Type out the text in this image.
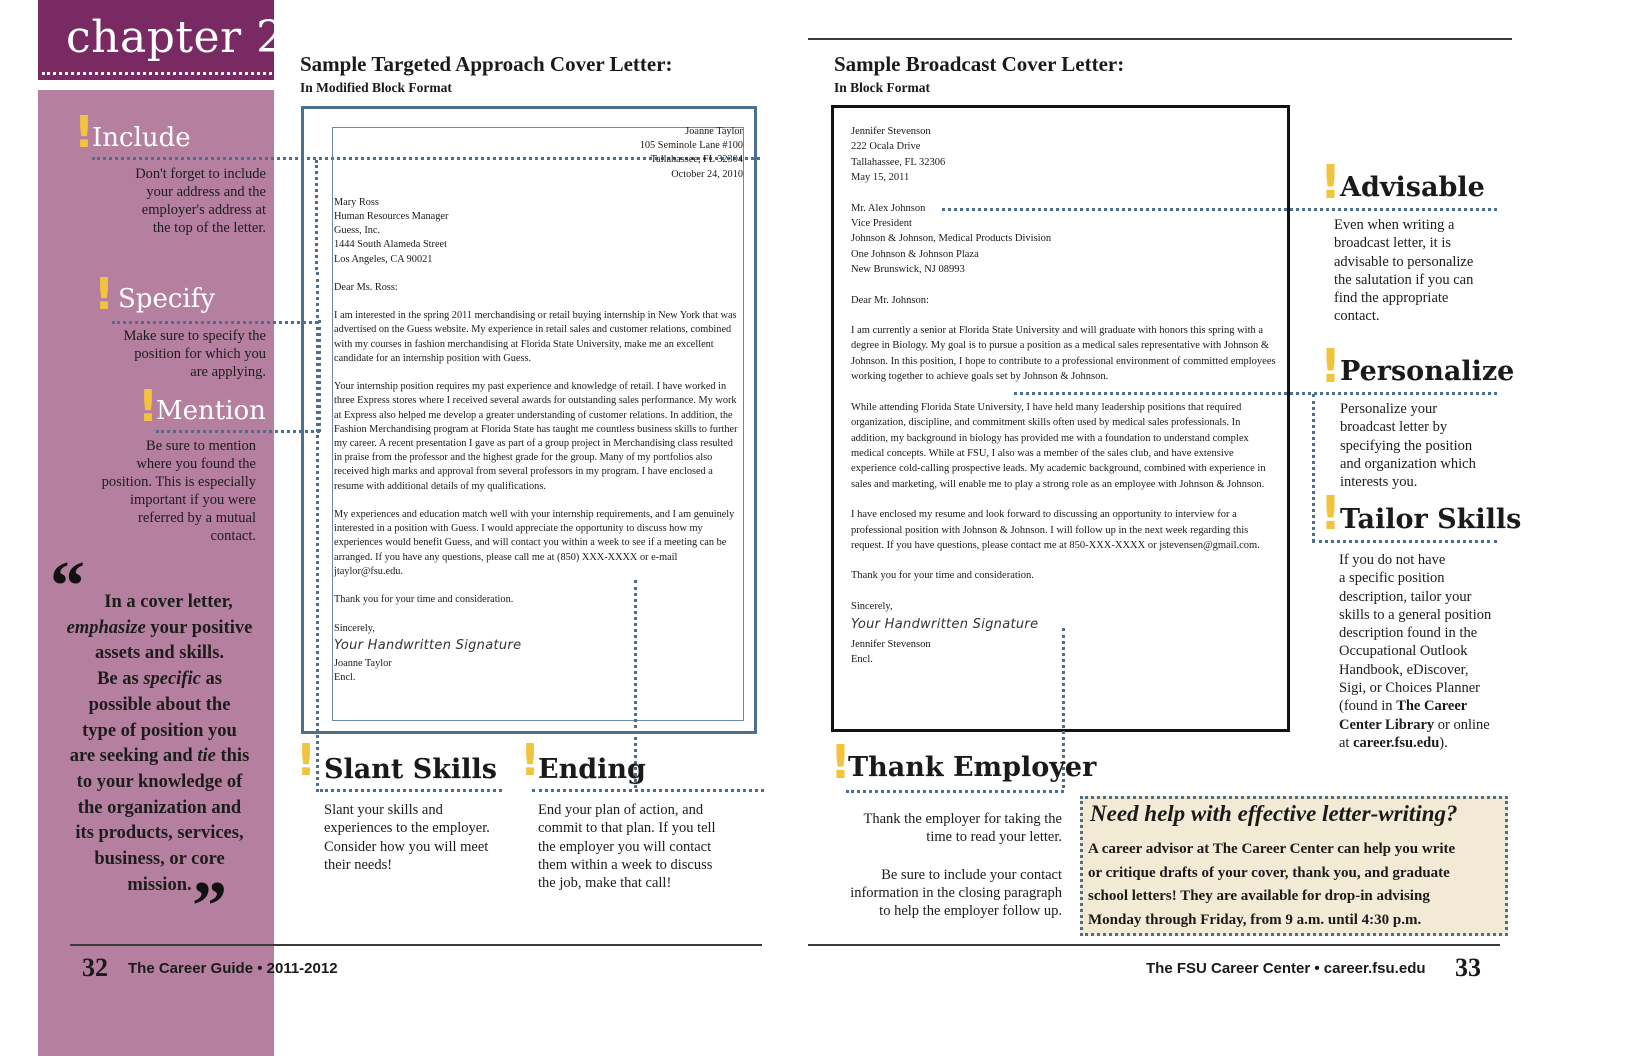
chapter 2
!
Include
Don't forget to include
your address and the
employer's address at
the top of the letter.
! Specify
Make sure to specify the
position for which you
are applying.
!
Mention
Be sure to mention
where you found the
position. This is especially
important if you were
referred by a mutual
contact.
“	In a cover letter,
emphasize your positive
assets and skills.
Be as specific as
possible about the
type of position you
are seeking and tie this
to your knowledge of
the organization and
its products, services,
business, or core
mission. ”
Sample Targeted Approach Cover Letter:
In Modified Block Format
Joanne Taylor
105 Seminole Lane #100
Tallahassee, FL 32304
October 24, 2010
Mary Ross
Human Resources Manager
Guess, Inc.
1444 South Alameda Street
Los Angeles, CA 90021

Dear Ms. Ross:

I am interested in the spring 2011 merchandising or retail buying internship in New York that was advertised on the Guess website. My experience in retail sales and customer relations, combined with my courses in fashion merchandising at Florida State University, make me an excellent candidate for an internship position with Guess.

Your internship position requires my past experience and knowledge of retail. I have worked in three Express stores where I received several awards for outstanding sales performance. My work at Express also helped me develop a greater understanding of customer relations. In addition, the Fashion Merchandising program at Florida State has taught me countless business skills to further my career. A recent presentation I gave as part of a group project in Merchandising class resulted in praise from the professor and the highest grade for the group. Many of my portfolios also received high marks and approval from several professors in my program. I have enclosed a resume with additional details of my qualifications.

My experiences and education match well with your internship requirements, and I am genuinely interested in a position with Guess. I would appreciate the opportunity to discuss how my experiences would benefit Guess, and will contact you within a week to see if a meeting can be arranged. If you have any questions, please call me at (850) XXX-XXXX or e-mail jtaylor@fsu.edu.

Thank you for your time and consideration.

Sincerely,
Your Handwritten Signature
Joanne Taylor
Encl.
! Slant Skills
Slant your skills and
experiences to the employer.
Consider how you will meet
their needs!
!
Ending
End your plan of action, and
commit to that plan. If you tell
the employer you will contact
them within a week to discuss
the job, make that call!
32 The Career Guide • 2011-2012
Sample Broadcast Cover Letter:
In Block Format
Jennifer Stevenson
222 Ocala Drive
Tallahassee, FL 32306
May 15, 2011
Mr. Alex Johnson
Vice President
Johnson & Johnson, Medical Products Division
One Johnson & Johnson Plaza
New Brunswick, NJ 08993

Dear Mr. Johnson:

I am currently a senior at Florida State University and will graduate with honors this spring with a degree in Biology. My goal is to pursue a position as a medical sales representative with Johnson & Johnson. In this position, I hope to contribute to a professional environment of committed employees working together to achieve goals set by Johnson & Johnson.

While attending Florida State University, I have held many leadership positions that required organization, discipline, and commitment skills often used by medical sales professionals. In addition, my background in biology has provided me with a foundation to understand complex medical concepts. While at FSU, I also was a member of the sales club, and have extensive experience cold-calling prospective leads. My academic background, combined with experience in sales and marketing, will enable me to play a strong role as an employee with Johnson & Johnson.

I have enclosed my resume and look forward to discussing an opportunity to interview for a professional position with Johnson & Johnson. I will follow up in the next week regarding this request. If you have questions, please contact me at 850-XXX-XXXX or jstevensen@gmail.com.

Thank you for your time and consideration.

Sincerely,
Your Handwritten Signature
Jennifer Stevenson
Encl.
! Advisable
Even when writing a
broadcast letter, it is
advisable to personalize
the salutation if you can
find the appropriate
contact.
! Personalize
Personalize your
broadcast letter by
specifying the position
and organization which
interests you.
! Tailor Skills
If you do not have
a specific position
description, tailor your
skills to a general position
description found in the
Occupational Outlook
Handbook, eDiscover,
Sigi, or Choices Planner
(found in The Career
Center Library or online
at career.fsu.edu).
!
Thank Employer
Thank the employer for taking the
time to read your letter.
Be sure to include your contact
information in the closing paragraph
to help the employer follow up.
Need help with effective letter-writing?
A career advisor at The Career Center can help you write
or critique drafts of your cover, thank you, and graduate
school letters! They are available for drop-in advising
Monday through Friday, from 9 a.m. until 4:30 p.m.
The FSU Career Center • career.fsu.edu 33
